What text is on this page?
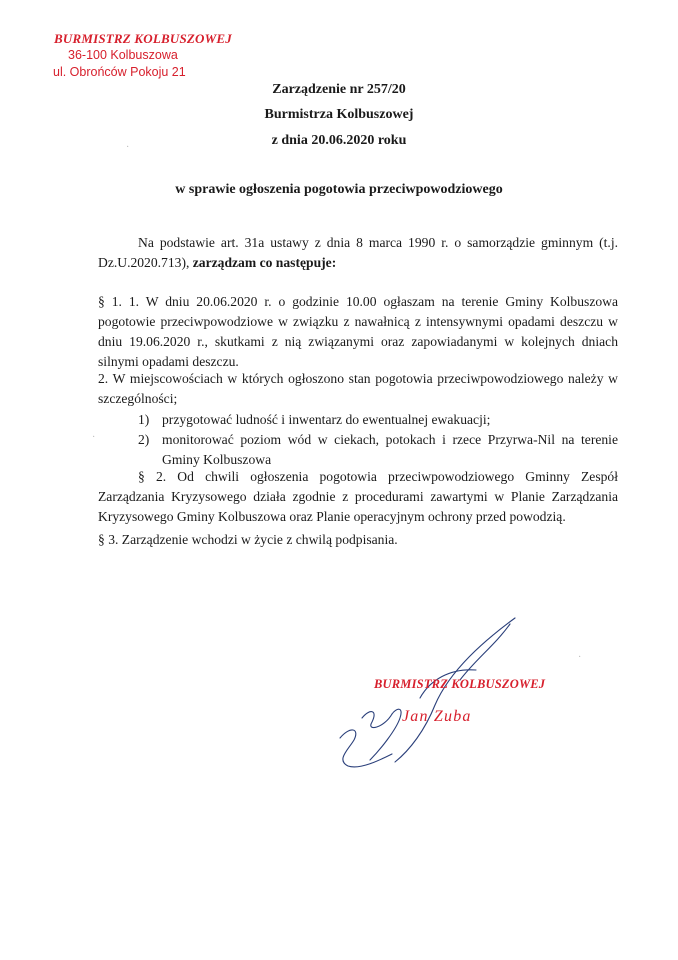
BURMISTRZ KOLBUSZOWEJ
36-100 Kolbuszowa
ul. Obrońców Pokoju 21
Zarządzenie nr 257/20
Burmistrza Kolbuszowej
z dnia 20.06.2020 roku
w sprawie ogłoszenia pogotowia przeciwpowodziowego
Na podstawie art. 31a ustawy z dnia 8 marca 1990 r. o samorządzie gminnym (t.j. Dz.U.2020.713), zarządzam co następuje:
§ 1. 1. W dniu 20.06.2020 r. o godzinie 10.00 ogłaszam na terenie Gminy Kolbuszowa pogotowie przeciwpowodziowe w związku z nawałnicą z intensywnymi opadami deszczu w dniu 19.06.2020 r., skutkami z nią związanymi oraz zapowiadanymi w kolejnych dniach silnymi opadami deszczu.
2. W miejscowościach w których ogłoszono stan pogotowia przeciwpowodziowego należy w szczególności;
1) przygotować ludność i inwentarz do ewentualnej ewakuacji;
2) monitorować poziom wód w ciekach, potokach i rzece Przyrwa-Nil na terenie Gminy Kolbuszowa
§ 2. Od chwili ogłoszenia pogotowia przeciwpowodziowego Gminny Zespół Zarządzania Kryzysowego działa zgodnie z procedurami zawartymi w Planie Zarządzania Kryzysowego Gminy Kolbuszowa oraz Planie operacyjnym ochrony przed powodzią.
§ 3. Zarządzenie wchodzi w życie z chwilą podpisania.
BURMISTRZ KOLBUSZOWEJ
Jan Zuba
·
·
·
